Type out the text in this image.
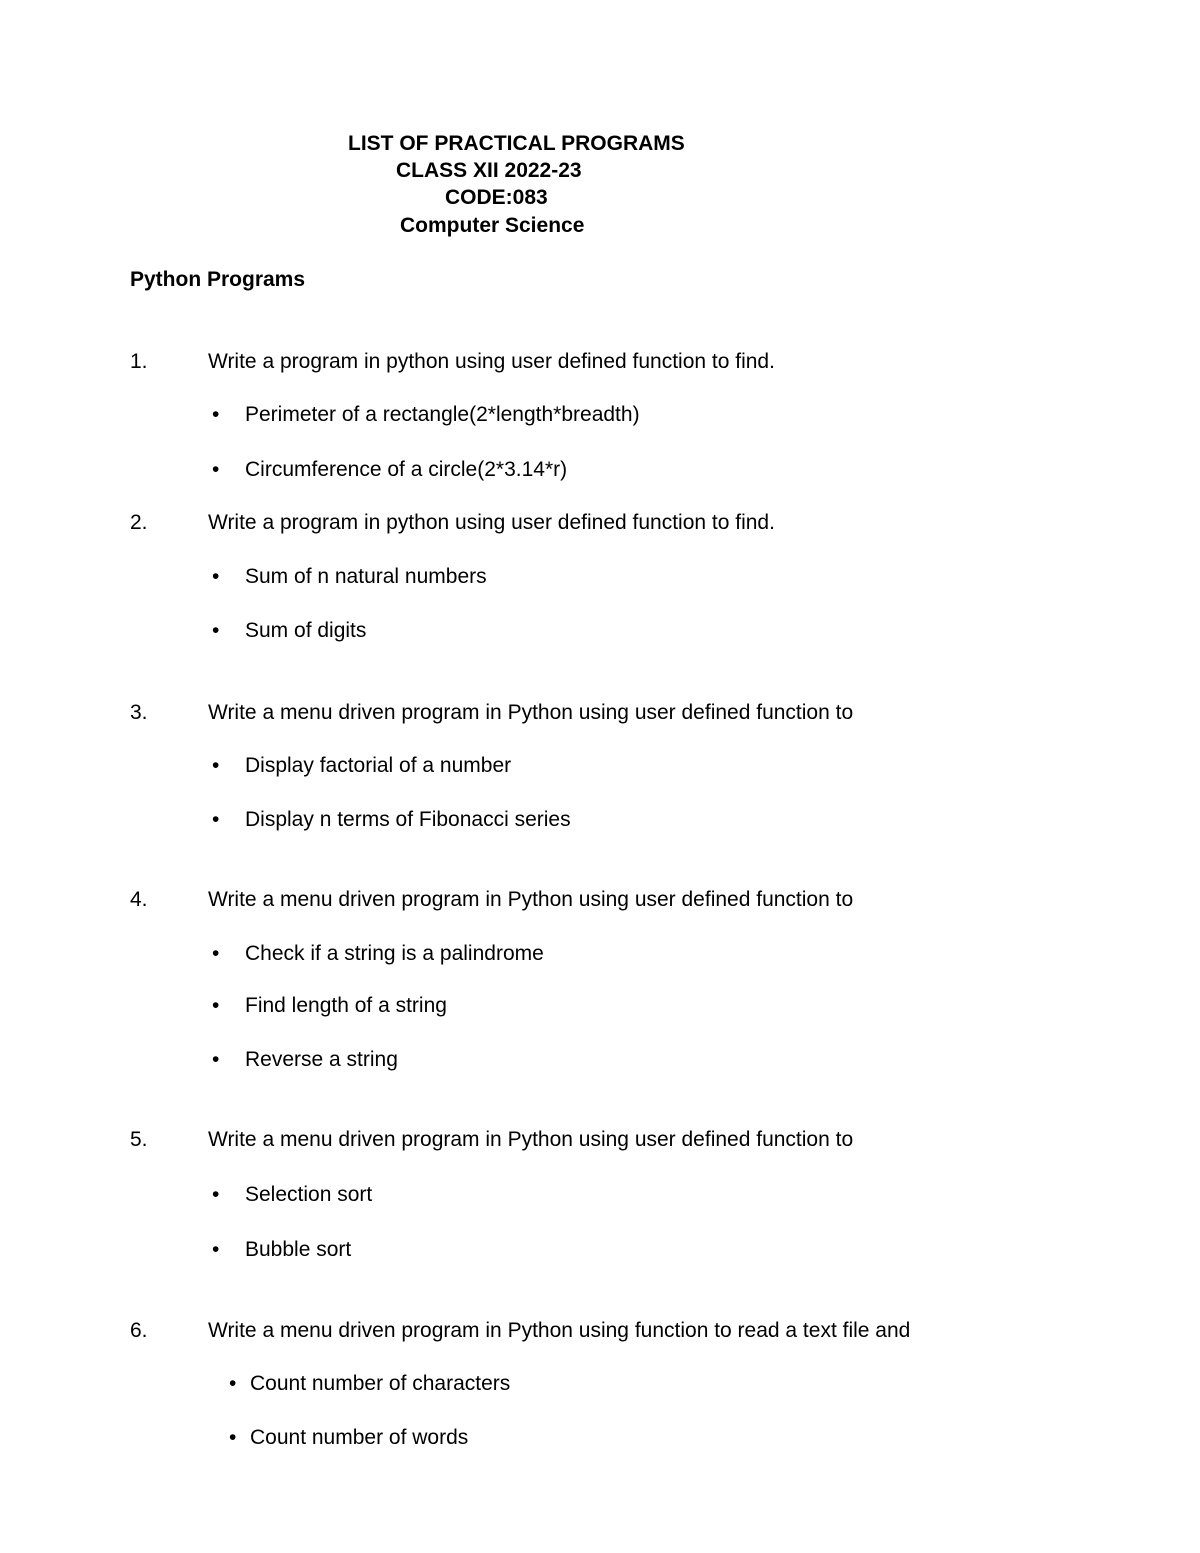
LIST OF PRACTICAL PROGRAMS
CLASS XII 2022-23
CODE:083
Computer Science
Python Programs
1.	Write a program in python using user defined function to find.
• Perimeter of a rectangle(2*length*breadth)
• Circumference of a circle(2*3.14*r)
2.	Write a program in python using user defined function to find.
• Sum of n natural numbers
• Sum of digits
3.	Write a menu driven program in Python using user defined function to
• Display factorial of a number
• Display n terms of Fibonacci series
4.	Write a menu driven program in Python using user defined function to
• Check if a string is a palindrome
• Find length of a string
• Reverse a string
5.	Write a menu driven program in Python using user defined function to
• Selection sort
• Bubble sort
6.	Write a menu driven program in Python using function to read a text file and
• Count number of characters
• Count number of words
